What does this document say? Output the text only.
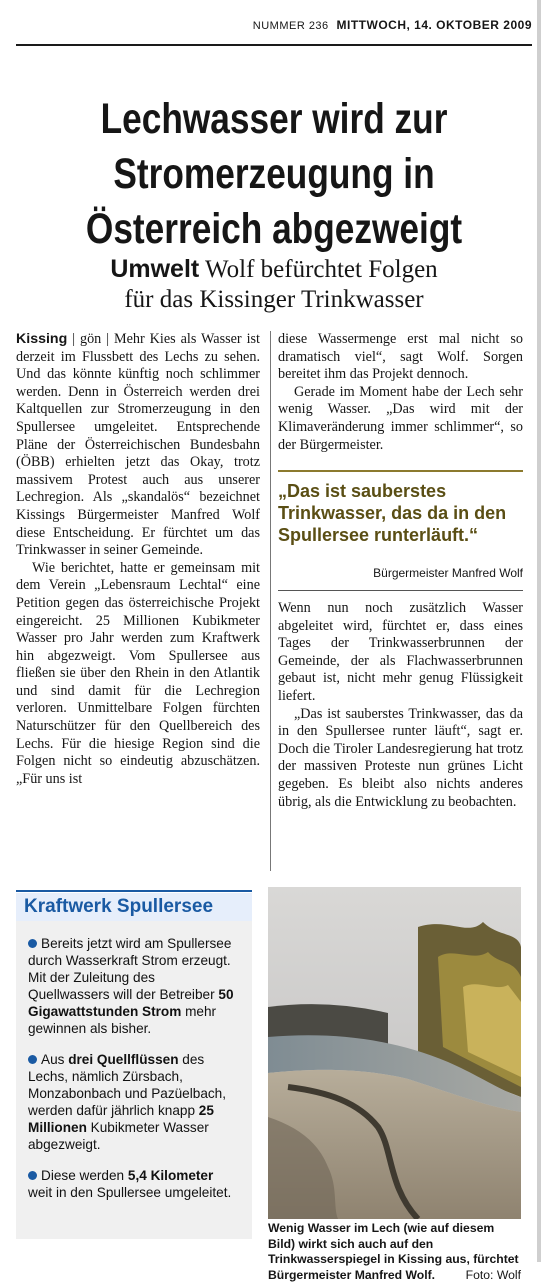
NUMMER 236 MITTWOCH, 14. OKTOBER 2009
Lechwasser wird zur
Stromerzeugung in
Österreich abgezweigt
Umwelt Wolf befürchtet Folgen
für das Kissinger Trinkwasser

Kissing | gön | Mehr Kies als Wasser ist derzeit im Flussbett des Lechs zu sehen. Und das könnte künftig noch schlimmer werden. Denn in Österreich werden drei Kaltquellen zur Stromerzeugung in den Spullersee umgeleitet. Entsprechende Pläne der Österreichischen Bundesbahn (ÖBB) erhielten jetzt das Okay, trotz massivem Protest auch aus unserer Lechregion. Als „skandalös“ bezeichnet Kissings Bürgermeister Manfred Wolf diese Entscheidung. Er fürchtet um das Trinkwasser in seiner Gemeinde.

Wie berichtet, hatte er gemeinsam mit dem Verein „Lebensraum Lechtal“ eine Petition gegen das österreichische Projekt eingereicht. 25 Millionen Kubikmeter Wasser pro Jahr werden zum Kraftwerk hin abgezweigt. Vom Spullersee aus fließen sie über den Rhein in den Atlantik und sind damit für die Lechregion verloren. Unmittelbare Folgen fürchten Naturschützer für den Quellbereich des Lechs. Für die hiesige Region sind die Folgen nicht so eindeutig abzuschätzen. „Für uns ist

diese Wassermenge erst mal nicht so dramatisch viel“, sagt Wolf. Sorgen bereitet ihm das Projekt dennoch.

Gerade im Moment habe der Lech sehr wenig Wasser. „Das wird mit der Klimaveränderung immer schlimmer“, so der Bürgermeister.

„Das ist sauberstes Trinkwasser, das da in den Spullersee runterläuft.“
Bürgermeister Manfred Wolf

Wenn nun noch zusätzlich Wasser abgeleitet wird, fürchtet er, dass eines Tages der Trinkwasserbrunnen der Gemeinde, der als Flachwasserbrunnen gebaut ist, nicht mehr genug Flüssigkeit liefert.

„Das ist sauberstes Trinkwasser, das da in den Spullersee runter läuft“, sagt er. Doch die Tiroler Landesregierung hat trotz der massiven Proteste nun grünes Licht gegeben. Es bleibt also nichts anderes übrig, als die Entwicklung zu beobachten.

Kraftwerk Spullersee
Bereits jetzt wird am Spullersee durch Wasserkraft Strom erzeugt. Mit der Zuleitung des Quellwassers will der Betreiber 50 Gigawattstunden Strom mehr gewinnen als bisher.
Aus drei Quellflüssen des Lechs, nämlich Zürsbach, Monzabonbach und Pazüelbach, werden dafür jährlich knapp 25 Millionen Kubikmeter Wasser abgezweigt.
Diese werden 5,4 Kilometer weit in den Spullersee umgeleitet.
Wenig Wasser im Lech (wie auf diesem Bild) wirkt sich auch auf den Trinkwasserspiegel in Kissing aus, fürchtet Bürgermeister Manfred Wolf.	Foto: Wolf
